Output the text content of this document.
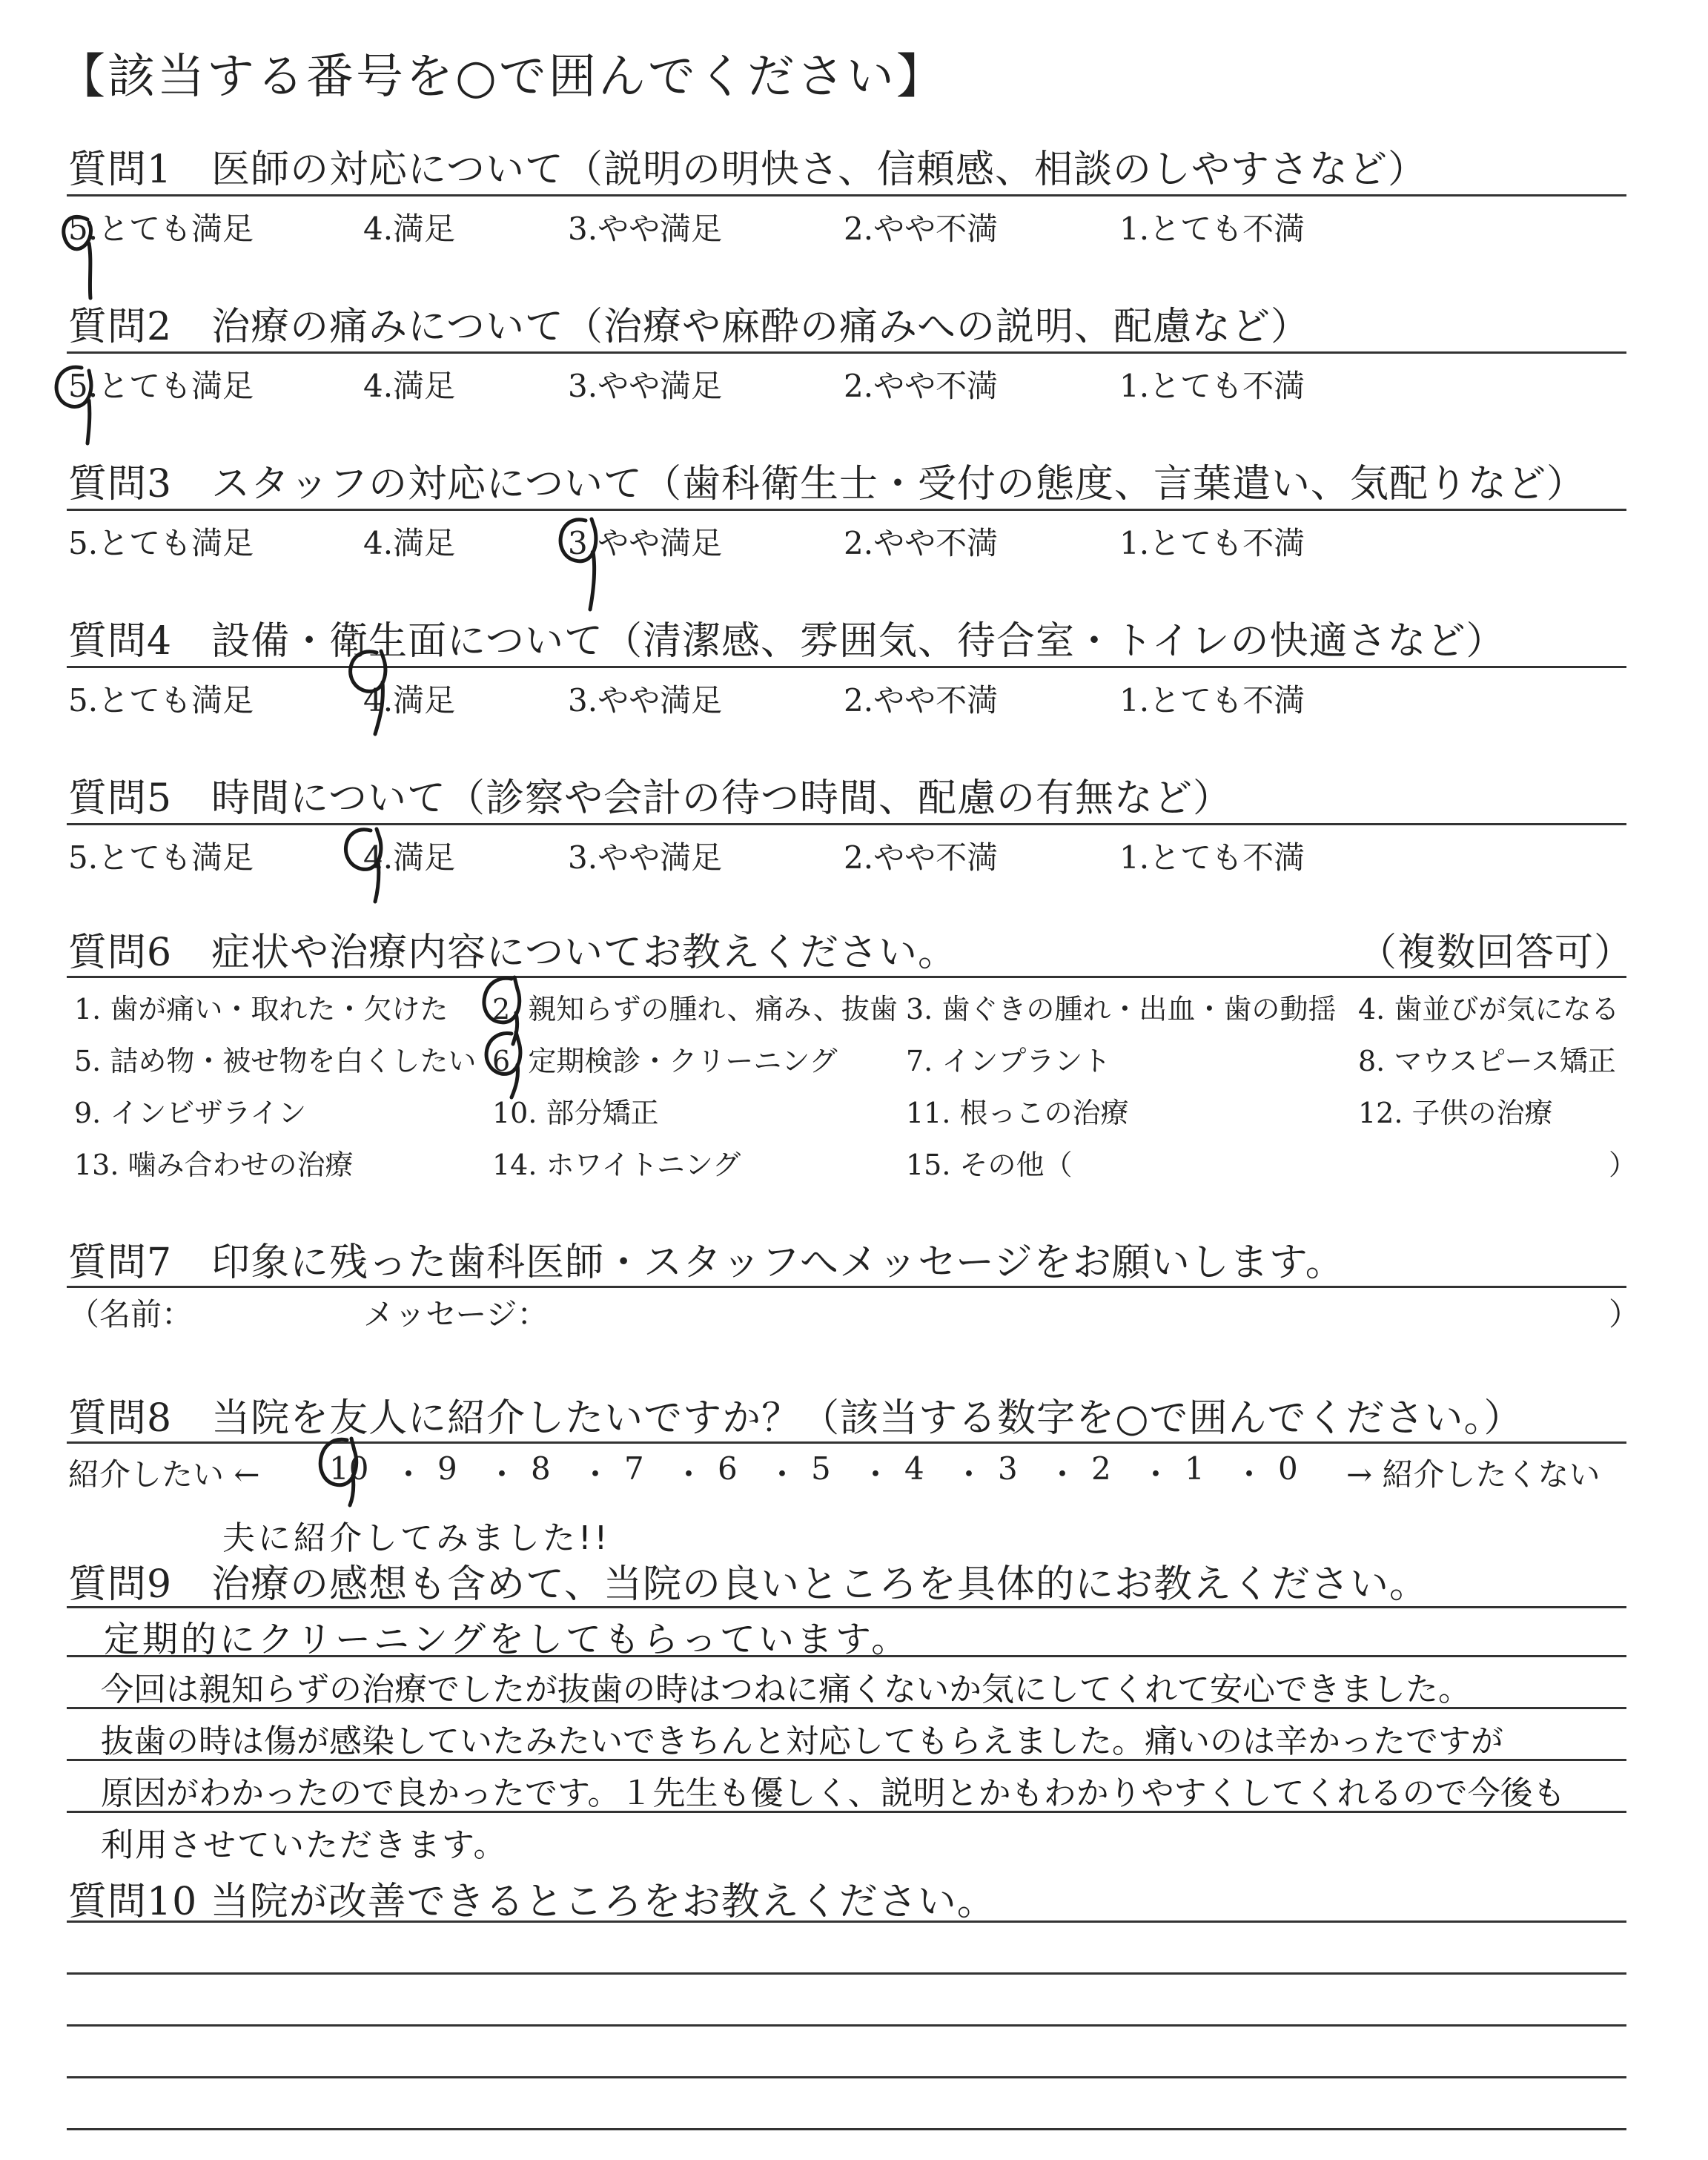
【該当する番号を○で囲んでください】
質問1　医師の対応について（説明の明快さ、信頼感、相談のしやすさなど）
5.とても満足	4.満足	3.やや満足	2.やや不満	1.とても不満
質問2　治療の痛みについて（治療や麻酔の痛みへの説明、配慮など）
5.とても満足	4.満足	3.やや満足	2.やや不満	1.とても不満
質問3　スタッフの対応について（歯科衛生士・受付の態度、言葉遣い、気配りなど）
5.とても満足	4.満足	3.やや満足	2.やや不満	1.とても不満
質問4　設備・衛生面について（清潔感、雰囲気、待合室・トイレの快適さなど）
5.とても満足	4.満足	3.やや満足	2.やや不満	1.とても不満
質問5　時間について（診察や会計の待つ時間、配慮の有無など）
5.とても満足	4.満足	3.やや満足	2.やや不満	1.とても不満
質問6　症状や治療内容についてお教えください。	（複数回答可）
1. 歯が痛い・取れた・欠けた 2. 親知らずの腫れ、痛み、抜歯 3. 歯ぐきの腫れ・出血・歯の動揺 4. 歯並びが気になる
5. 詰め物・被せ物を白くしたい 6. 定期検診・クリーニング 7. インプラント	8. マウスピース矯正
9. インビザライン	10. 部分矯正	11. 根っこの治療	12. 子供の治療
13. 噛み合わせの治療	14. ホワイトニング	15. その他（	）
質問7　印象に残った歯科医師・スタッフへメッセージをお願いします。
（名前：	メッセージ：	）
質問8　当院を友人に紹介したいですか？（該当する数字を○で囲んでください。）
紹介したい ← 10 9 8 7 6 5 4 3 2 1 0 → 紹介したくない
・ ・ ・ ・ ・ ・ ・ ・ ・ ・
夫に紹介してみました!!
質問9　治療の感想も含めて、当院の良いところを具体的にお教えください。
定期的にクリーニングをしてもらっています。
今回は親知らずの治療でしたが抜歯の時はつねに痛くないか気にしてくれて安心できました。
抜歯の時は傷が感染していたみたいできちんと対応してもらえました。痛いのは辛かったですが
原因がわかったので良かったです。１先生も優しく、説明とかもわかりやすくしてくれるので今後も
利用させていただきます。
質問10 当院が改善できるところをお教えください。
